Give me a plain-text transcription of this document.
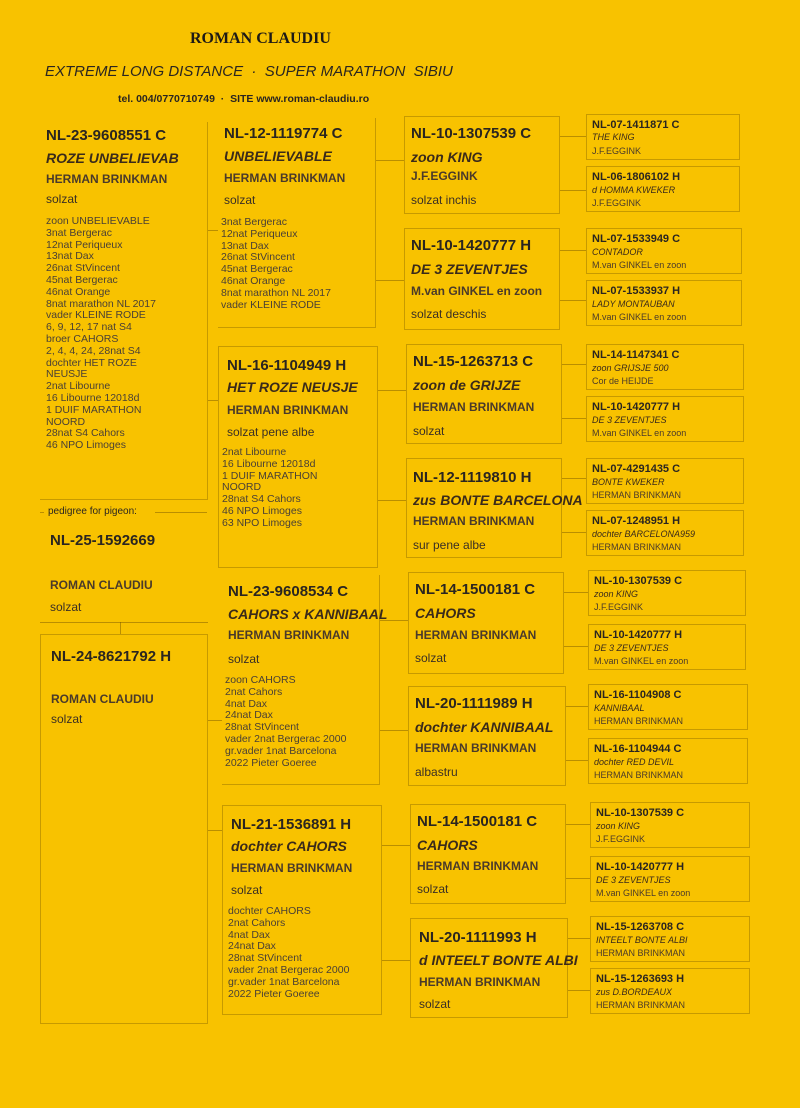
ROMAN CLAUDIU
EXTREME LONG DISTANCE  ·  SUPER MARATHON  SIBIU
tel. 004/0770710749  ·  SITE www.roman-claudiu.ro
NL-23-9608551 C
ROZE UNBELIEVAB
HERMAN BRINKMAN
solzat
zoon UNBELIEVABLE
3nat Bergerac
12nat Periqueux
13nat Dax
26nat StVincent
45nat Bergerac
46nat Orange
8nat marathon NL 2017
vader KLEINE RODE
6, 9, 12, 17 nat S4
broer CAHORS
2, 4, 4, 24, 28nat S4
dochter HET ROZE
NEUSJE
2nat Libourne
16 Libourne 12018d
1 DUIF MARATHON
NOORD
28nat S4 Cahors
46 NPO Limoges
pedigree for pigeon:
NL-25-1592669
ROMAN CLAUDIU
solzat
NL-24-8621792 H
ROMAN CLAUDIU
solzat
NL-12-1119774 C
UNBELIEVABLE
HERMAN BRINKMAN
solzat
3nat Bergerac
12nat Periqueux
13nat Dax
26nat StVincent
45nat Bergerac
46nat Orange
8nat marathon NL 2017
vader KLEINE RODE
NL-16-1104949 H
HET ROZE NEUSJE
HERMAN BRINKMAN
solzat pene albe
2nat Libourne
16 Libourne 12018d
1 DUIF MARATHON
NOORD
28nat S4 Cahors
46 NPO Limoges
63 NPO Limoges
NL-23-9608534 C
CAHORS x KANNIBAAL
HERMAN BRINKMAN
solzat
zoon CAHORS
2nat Cahors
4nat Dax
24nat Dax
28nat StVincent
vader 2nat Bergerac 2000
gr.vader 1nat Barcelona
2022 Pieter Goeree
NL-21-1536891 H
dochter CAHORS
HERMAN BRINKMAN
solzat
dochter CAHORS
2nat Cahors
4nat Dax
24nat Dax
28nat StVincent
vader 2nat Bergerac 2000
gr.vader 1nat Barcelona
2022 Pieter Goeree
NL-10-1307539 C
zoon KING
J.F.EGGINK
solzat inchis
NL-10-1420777 H
DE 3 ZEVENTJES
M.van GINKEL en zoon
solzat deschis
NL-15-1263713 C
zoon de GRIJZE
HERMAN BRINKMAN
solzat
NL-12-1119810 H
zus BONTE BARCELONA
HERMAN BRINKMAN
sur pene albe
NL-14-1500181 C
CAHORS
HERMAN BRINKMAN
solzat
NL-20-1111989 H
dochter KANNIBAAL
HERMAN BRINKMAN
albastru
NL-14-1500181 C
CAHORS
HERMAN BRINKMAN
solzat
NL-20-1111993 H
d INTEELT BONTE ALBI
HERMAN BRINKMAN
solzat
NL-07-1411871 C
THE KING
J.F.EGGINK
NL-06-1806102 H
d HOMMA KWEKER
J.F.EGGINK
NL-07-1533949 C
CONTADOR
M.van GINKEL en zoon
NL-07-1533937 H
LADY MONTAUBAN
M.van GINKEL en zoon
NL-14-1147341 C
zoon GRIJSJE 500
Cor de HEIJDE
NL-10-1420777 H
DE 3 ZEVENTJES
M.van GINKEL en zoon
NL-07-4291435 C
BONTE KWEKER
HERMAN BRINKMAN
NL-07-1248951 H
dochter BARCELONA959
HERMAN BRINKMAN
NL-10-1307539 C
zoon KING
J.F.EGGINK
NL-10-1420777 H
DE 3 ZEVENTJES
M.van GINKEL en zoon
NL-16-1104908 C
KANNIBAAL
HERMAN BRINKMAN
NL-16-1104944 C
dochter RED DEVIL
HERMAN BRINKMAN
NL-10-1307539 C
zoon KING
J.F.EGGINK
NL-10-1420777 H
DE 3 ZEVENTJES
M.van GINKEL en zoon
NL-15-1263708 C
INTEELT BONTE ALBI
HERMAN BRINKMAN
NL-15-1263693 H
zus D.BORDEAUX
HERMAN BRINKMAN
